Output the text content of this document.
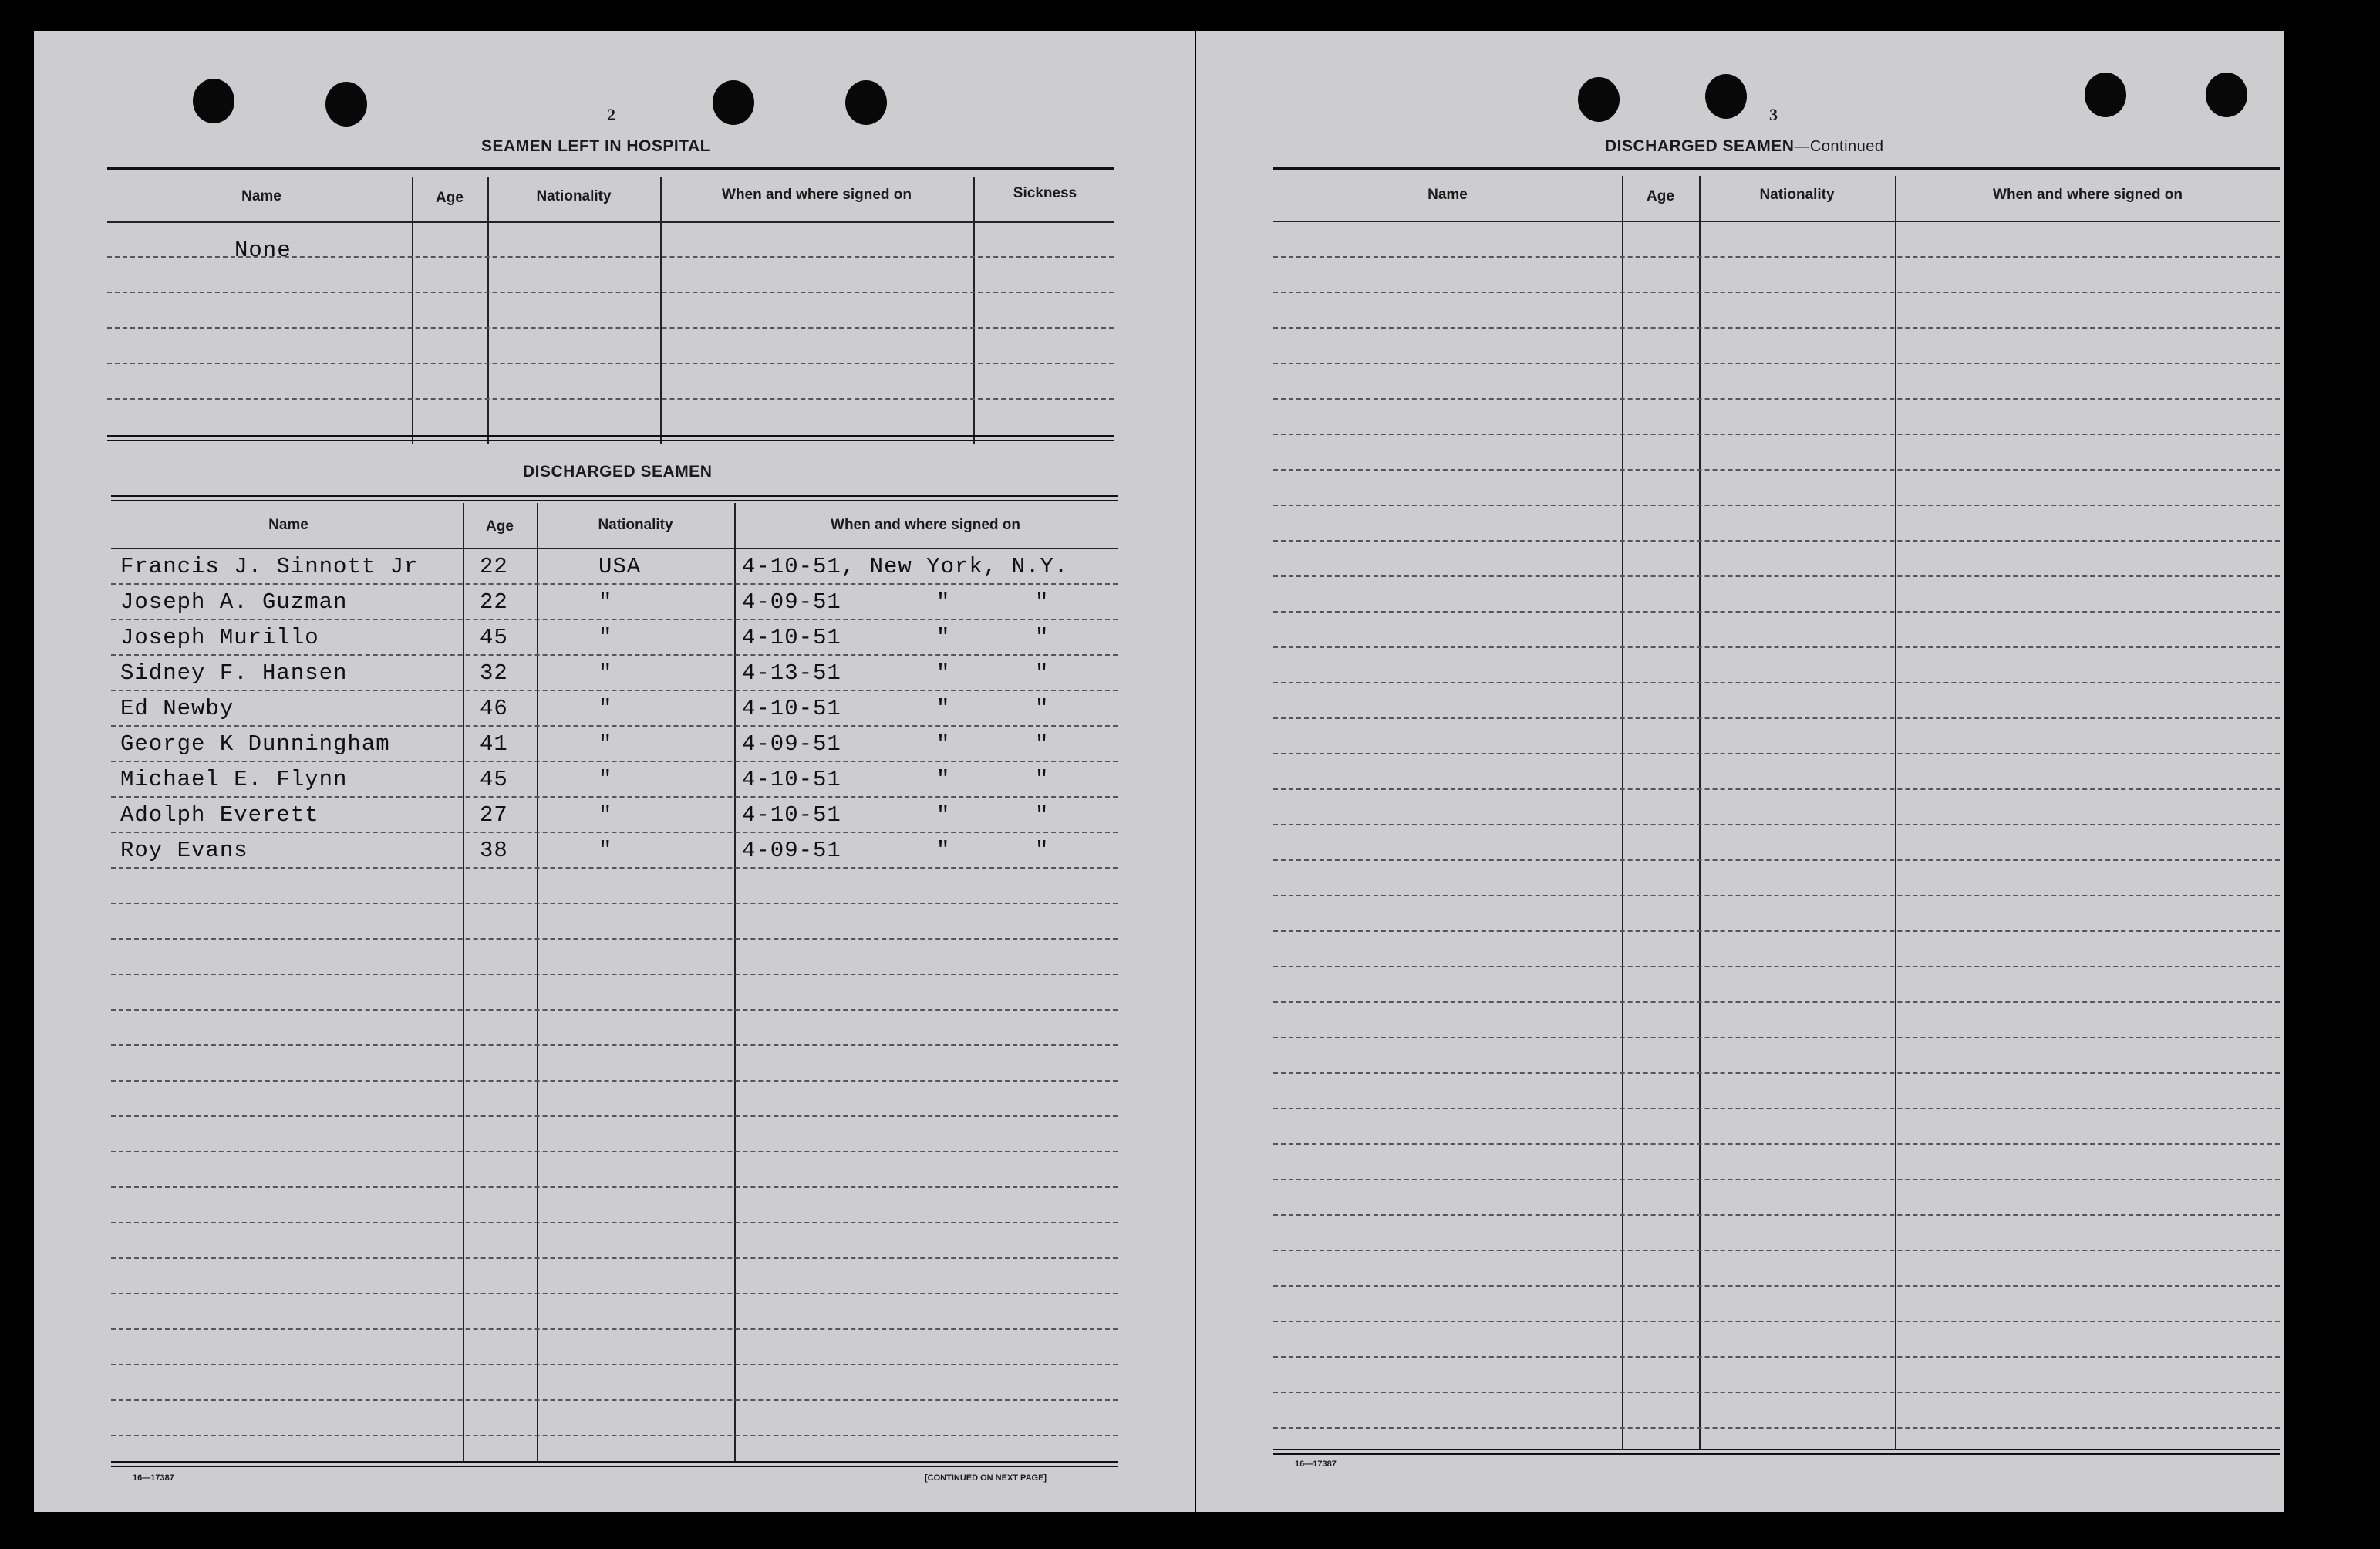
2
SEAMEN LEFT IN HOSPITAL
Name	Age	Nationality	When and where signed on	Sickness
None
DISCHARGED SEAMEN
Name	Age	Nationality	When and where signed on
Francis J. Sinnott Jr	22	USA	4-10-51, New York, N.Y.
Joseph A. Guzman	22	"	4-09-51	"	"
Joseph Murillo	45	"	4-10-51	"	"
Sidney F. Hansen	32	"	4-13-51	"	"
Ed Newby	46	"	4-10-51	"	"
George K Dunningham	41	"	4-09-51	"	"
Michael E. Flynn	45	"	4-10-51	"	"
Adolph Everett	27	"	4-10-51	"	"
Roy Evans	38	"	4-09-51	"	"
16—17387	[CONTINUED ON NEXT PAGE]
3
DISCHARGED SEAMEN—Continued
Name	Age	Nationality	When and where signed on
16—17387
